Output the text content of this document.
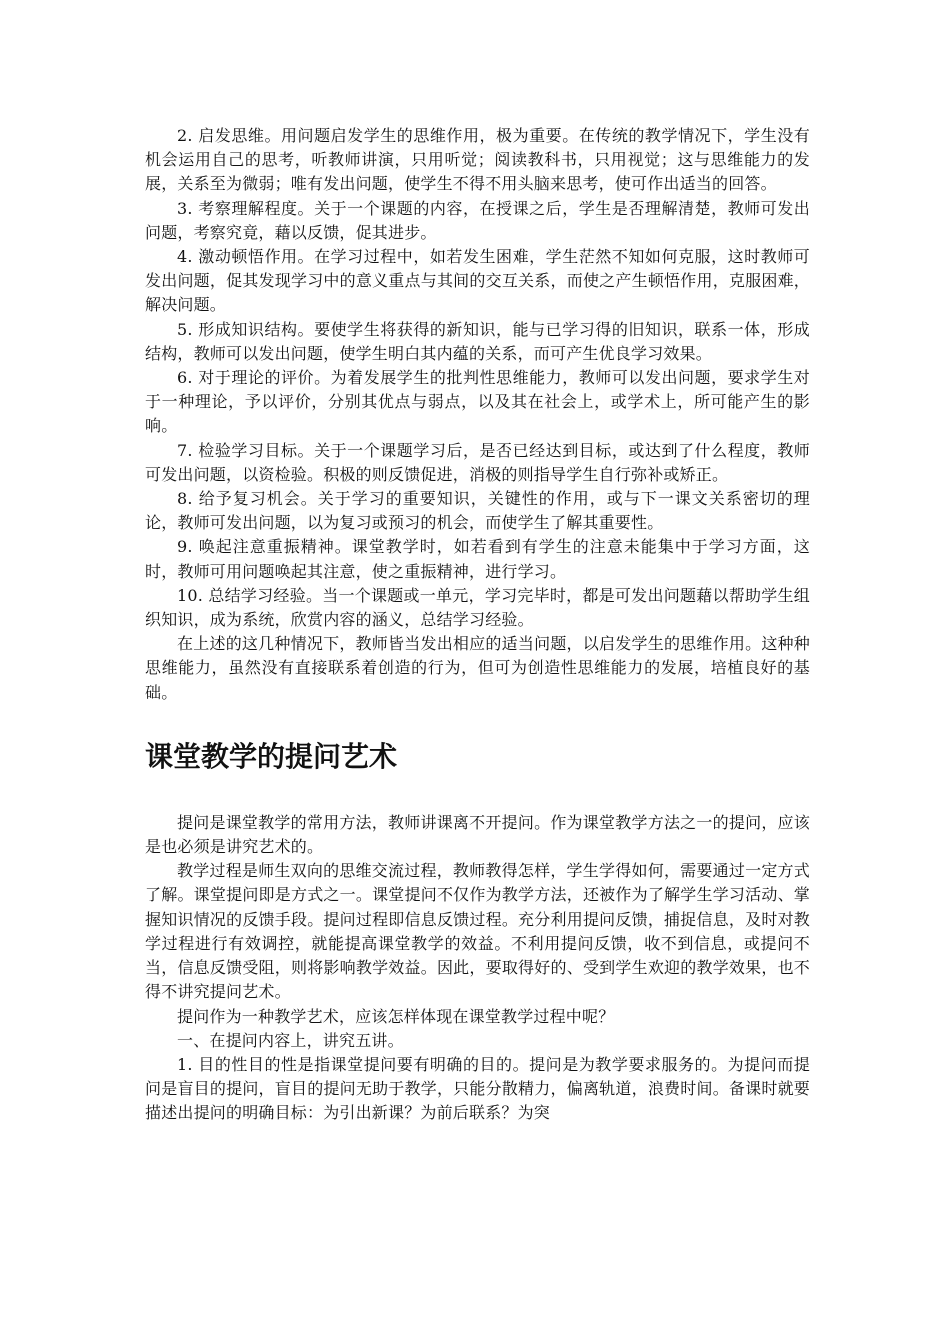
2. 启发思维。用问题启发学生的思维作用，极为重要。在传统的教学情况下，学生没有机会运用自己的思考，听教师讲演，只用听觉；阅读教科书，只用视觉；这与思维能力的发展，关系至为微弱；唯有发出问题，使学生不得不用头脑来思考，使可作出适当的回答。

3. 考察理解程度。关于一个课题的内容，在授课之后，学生是否理解清楚，教师可发出问题，考察究竟，藉以反馈，促其进步。

4. 激动顿悟作用。在学习过程中，如若发生困难，学生茫然不知如何克服，这时教师可发出问题，促其发现学习中的意义重点与其间的交互关系，而使之产生顿悟作用，克服困难，解决问题。

5. 形成知识结构。要使学生将获得的新知识，能与已学习得的旧知识，联系一体，形成结构，教师可以发出问题，使学生明白其内蕴的关系，而可产生优良学习效果。

6. 对于理论的评价。为着发展学生的批判性思维能力，教师可以发出问题，要求学生对于一种理论，予以评价，分别其优点与弱点，以及其在社会上，或学术上，所可能产生的影响。

7. 检验学习目标。关于一个课题学习后，是否已经达到目标，或达到了什么程度，教师可发出问题，以资检验。积极的则反馈促进，消极的则指导学生自行弥补或矫正。

8. 给予复习机会。关于学习的重要知识，关键性的作用，或与下一课文关系密切的理论，教师可发出问题，以为复习或预习的机会，而使学生了解其重要性。

9. 唤起注意重振精神。课堂教学时，如若看到有学生的注意未能集中于学习方面，这时，教师可用问题唤起其注意，使之重振精神，进行学习。

10. 总结学习经验。当一个课题或一单元，学习完毕时，都是可发出问题藉以帮助学生组织知识，成为系统，欣赏内容的涵义，总结学习经验。

在上述的这几种情况下，教师皆当发出相应的适当问题，以启发学生的思维作用。这种种思维能力，虽然没有直接联系着创造的行为，但可为创造性思维能力的发展，培植良好的基础。

课堂教学的提问艺术

提问是课堂教学的常用方法，教师讲课离不开提问。作为课堂教学方法之一的提问，应该是也必须是讲究艺术的。

教学过程是师生双向的思维交流过程，教师教得怎样，学生学得如何，需要通过一定方式了解。课堂提问即是方式之一。课堂提问不仅作为教学方法，还被作为了解学生学习活动、掌握知识情况的反馈手段。提问过程即信息反馈过程。充分利用提问反馈，捕捉信息，及时对教学过程进行有效调控，就能提高课堂教学的效益。不利用提问反馈，收不到信息，或提问不当，信息反馈受阻，则将影响教学效益。因此，要取得好的、受到学生欢迎的教学效果，也不得不讲究提问艺术。

提问作为一种教学艺术，应该怎样体现在课堂教学过程中呢？

一、在提问内容上，讲究五讲。

1. 目的性目的性是指课堂提问要有明确的目的。提问是为教学要求服务的。为提问而提问是盲目的提问，盲目的提问无助于教学，只能分散精力，偏离轨道，浪费时间。备课时就要描述出提问的明确目标：为引出新课？为前后联系？为突
